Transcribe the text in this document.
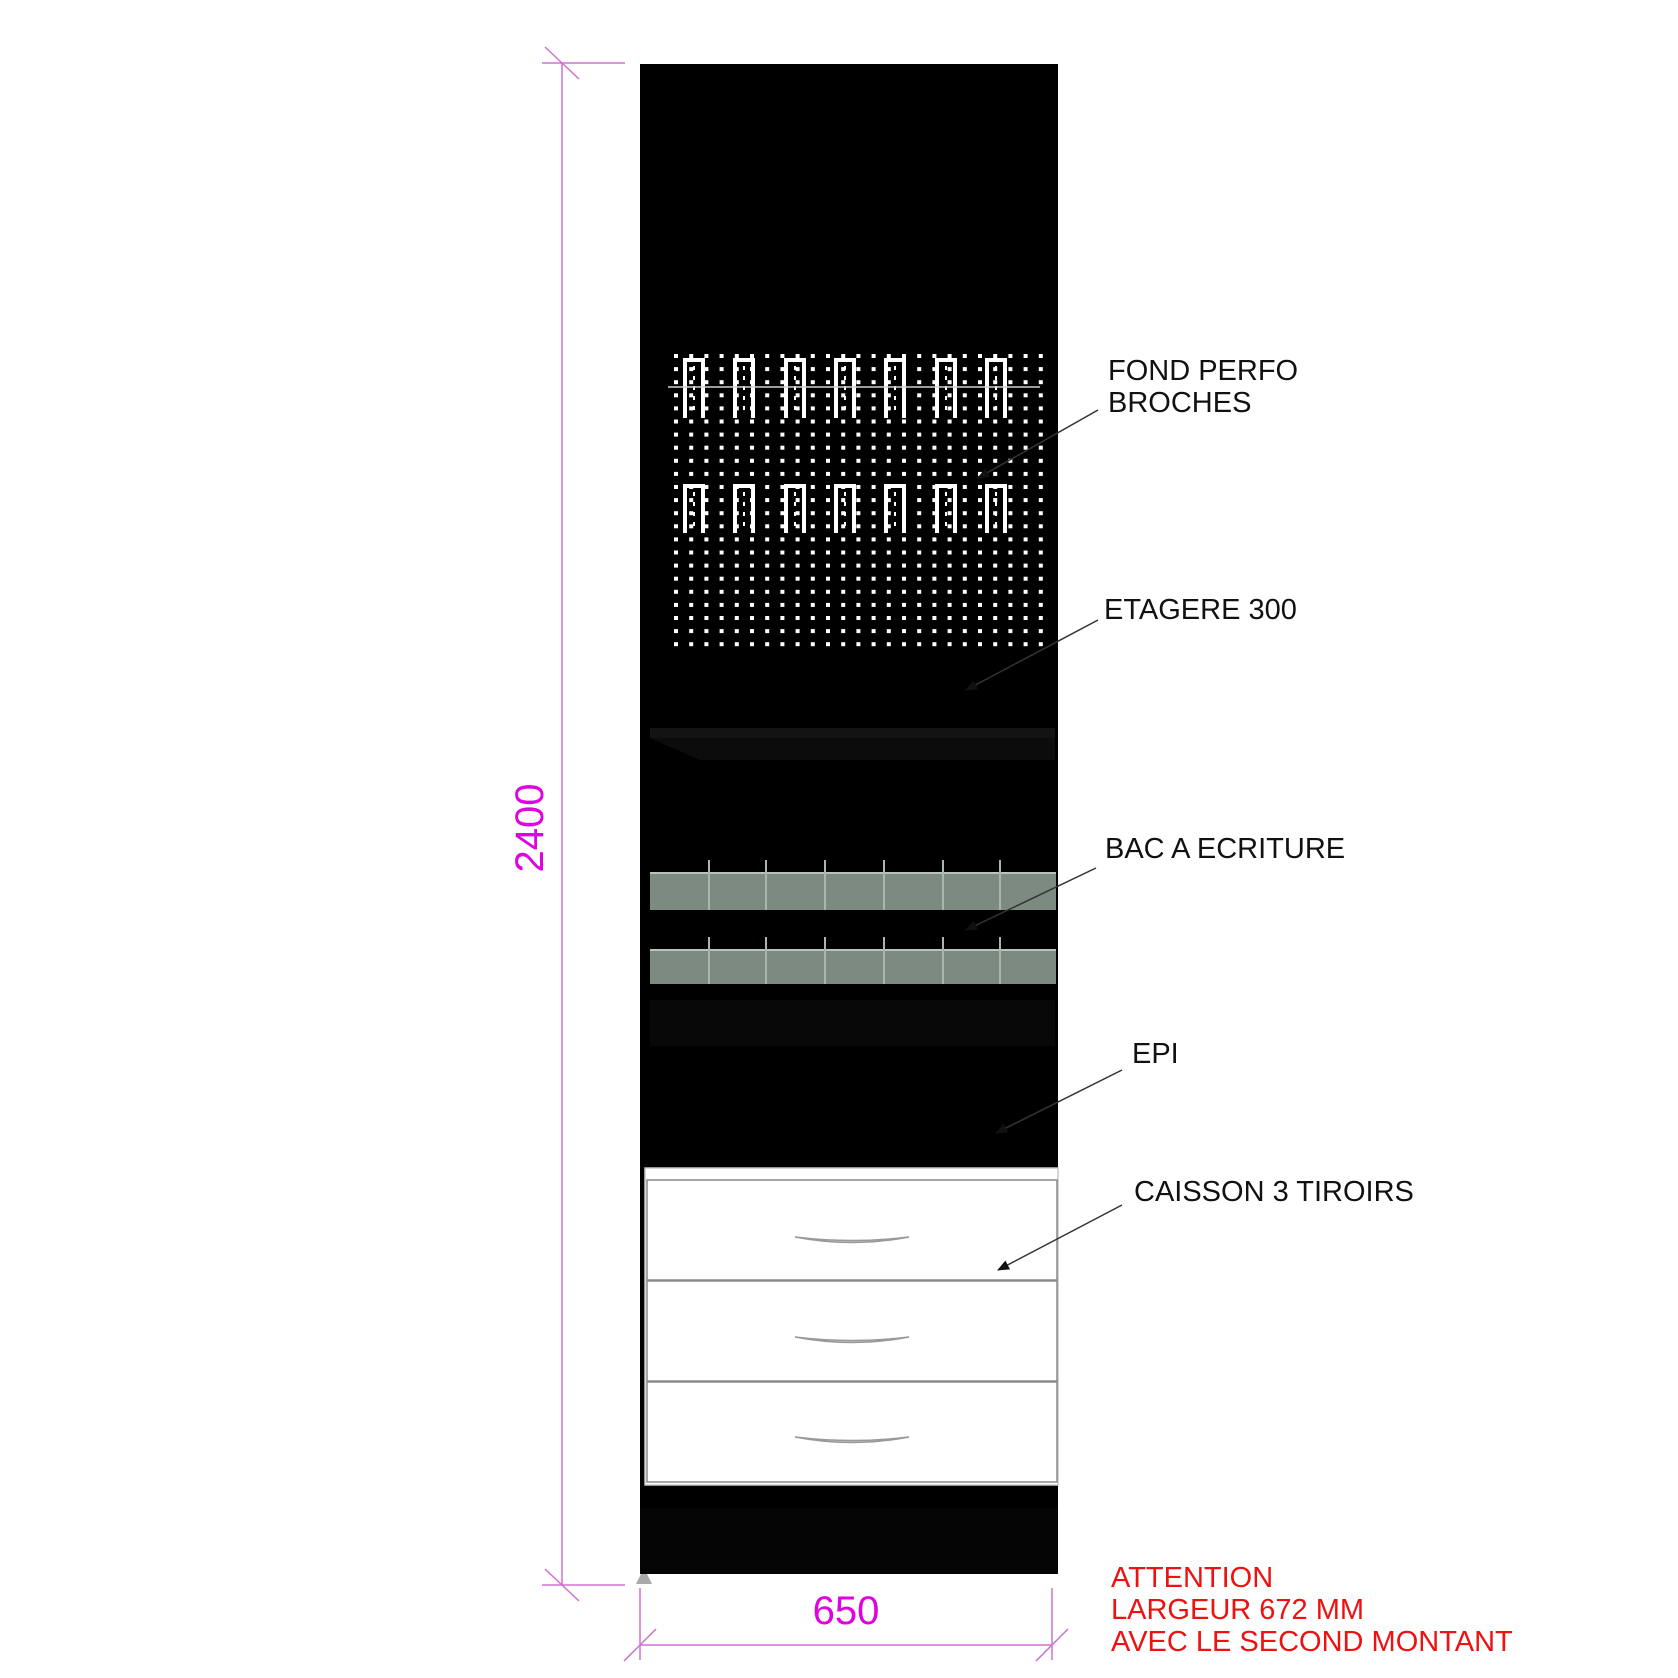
FOND PERFO
BROCHES
ETAGERE 300
BAC A ECRITURE
EPI
CAISSON 3 TIROIRS
2400
650
ATTENTION
LARGEUR 672 MM
AVEC LE SECOND MONTANT
